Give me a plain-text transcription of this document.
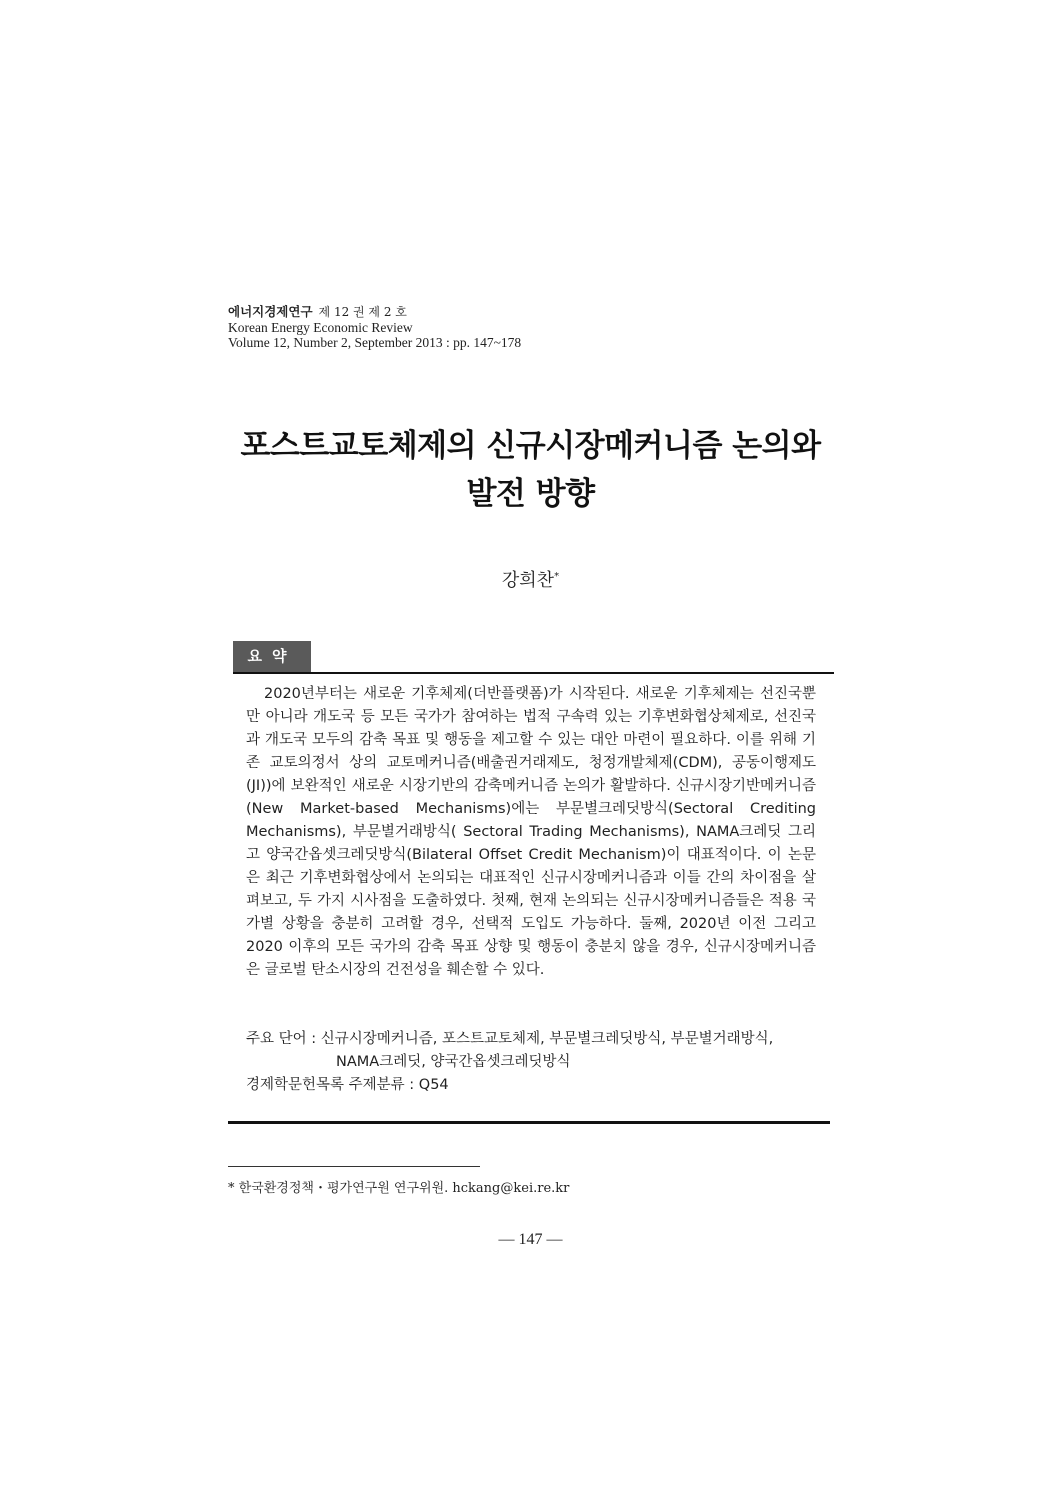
에너지경제연구 제 12 권 제 2 호
Korean Energy Economic Review
Volume 12, Number 2, September 2013 : pp. 147~178
포스트교토체제의 신규시장메커니즘 논의와
발전 방향
강희찬*
요약

2020년부터는 새로운 기후체제(더반플랫폼)가 시작된다. 새로운 기후체제는 선진국뿐만 아니라 개도국 등 모든 국가가 참여하는 법적 구속력 있는 기후변화협상체제로, 선진국과 개도국 모두의 감축 목표 및 행동을 제고할 수 있는 대안 마련이 필요하다. 이를 위해 기존 교토의정서 상의 교토메커니즘(배출권거래제도, 청정개발체제(CDM), 공동이행제도(JI))에 보완적인 새로운 시장기반의 감축메커니즘 논의가 활발하다. 신규시장기반메커니즘(New Market-based Mechanisms)에는 부문별크레딧방식(Sectoral Crediting Mechanisms), 부문별거래방식( Sectoral Trading Mechanisms), NAMA크레딧 그리고 양국간옵셋크레딧방식(Bilateral Offset Credit Mechanism)이 대표적이다. 이 논문은 최근 기후변화협상에서 논의되는 대표적인 신규시장메커니즘과 이들 간의 차이점을 살펴보고, 두 가지 시사점을 도출하였다. 첫째, 현재 논의되는 신규시장메커니즘들은 적용 국가별 상황을 충분히 고려할 경우, 선택적 도입도 가능하다. 둘째, 2020년 이전 그리고 2020 이후의 모든 국가의 감축 목표 상향 및 행동이 충분치 않을 경우, 신규시장메커니즘은 글로벌 탄소시장의 건전성을 훼손할 수 있다.

주요 단어 : 신규시장메커니즘, 포스트교토체제, 부문별크레딧방식, 부문별거래방식,
NAMA크레딧, 양국간옵셋크레딧방식
경제학문헌목록 주제분류 : Q54
* 한국환경정책・평가연구원 연구위원. hckang@kei.re.kr
— 147 —
